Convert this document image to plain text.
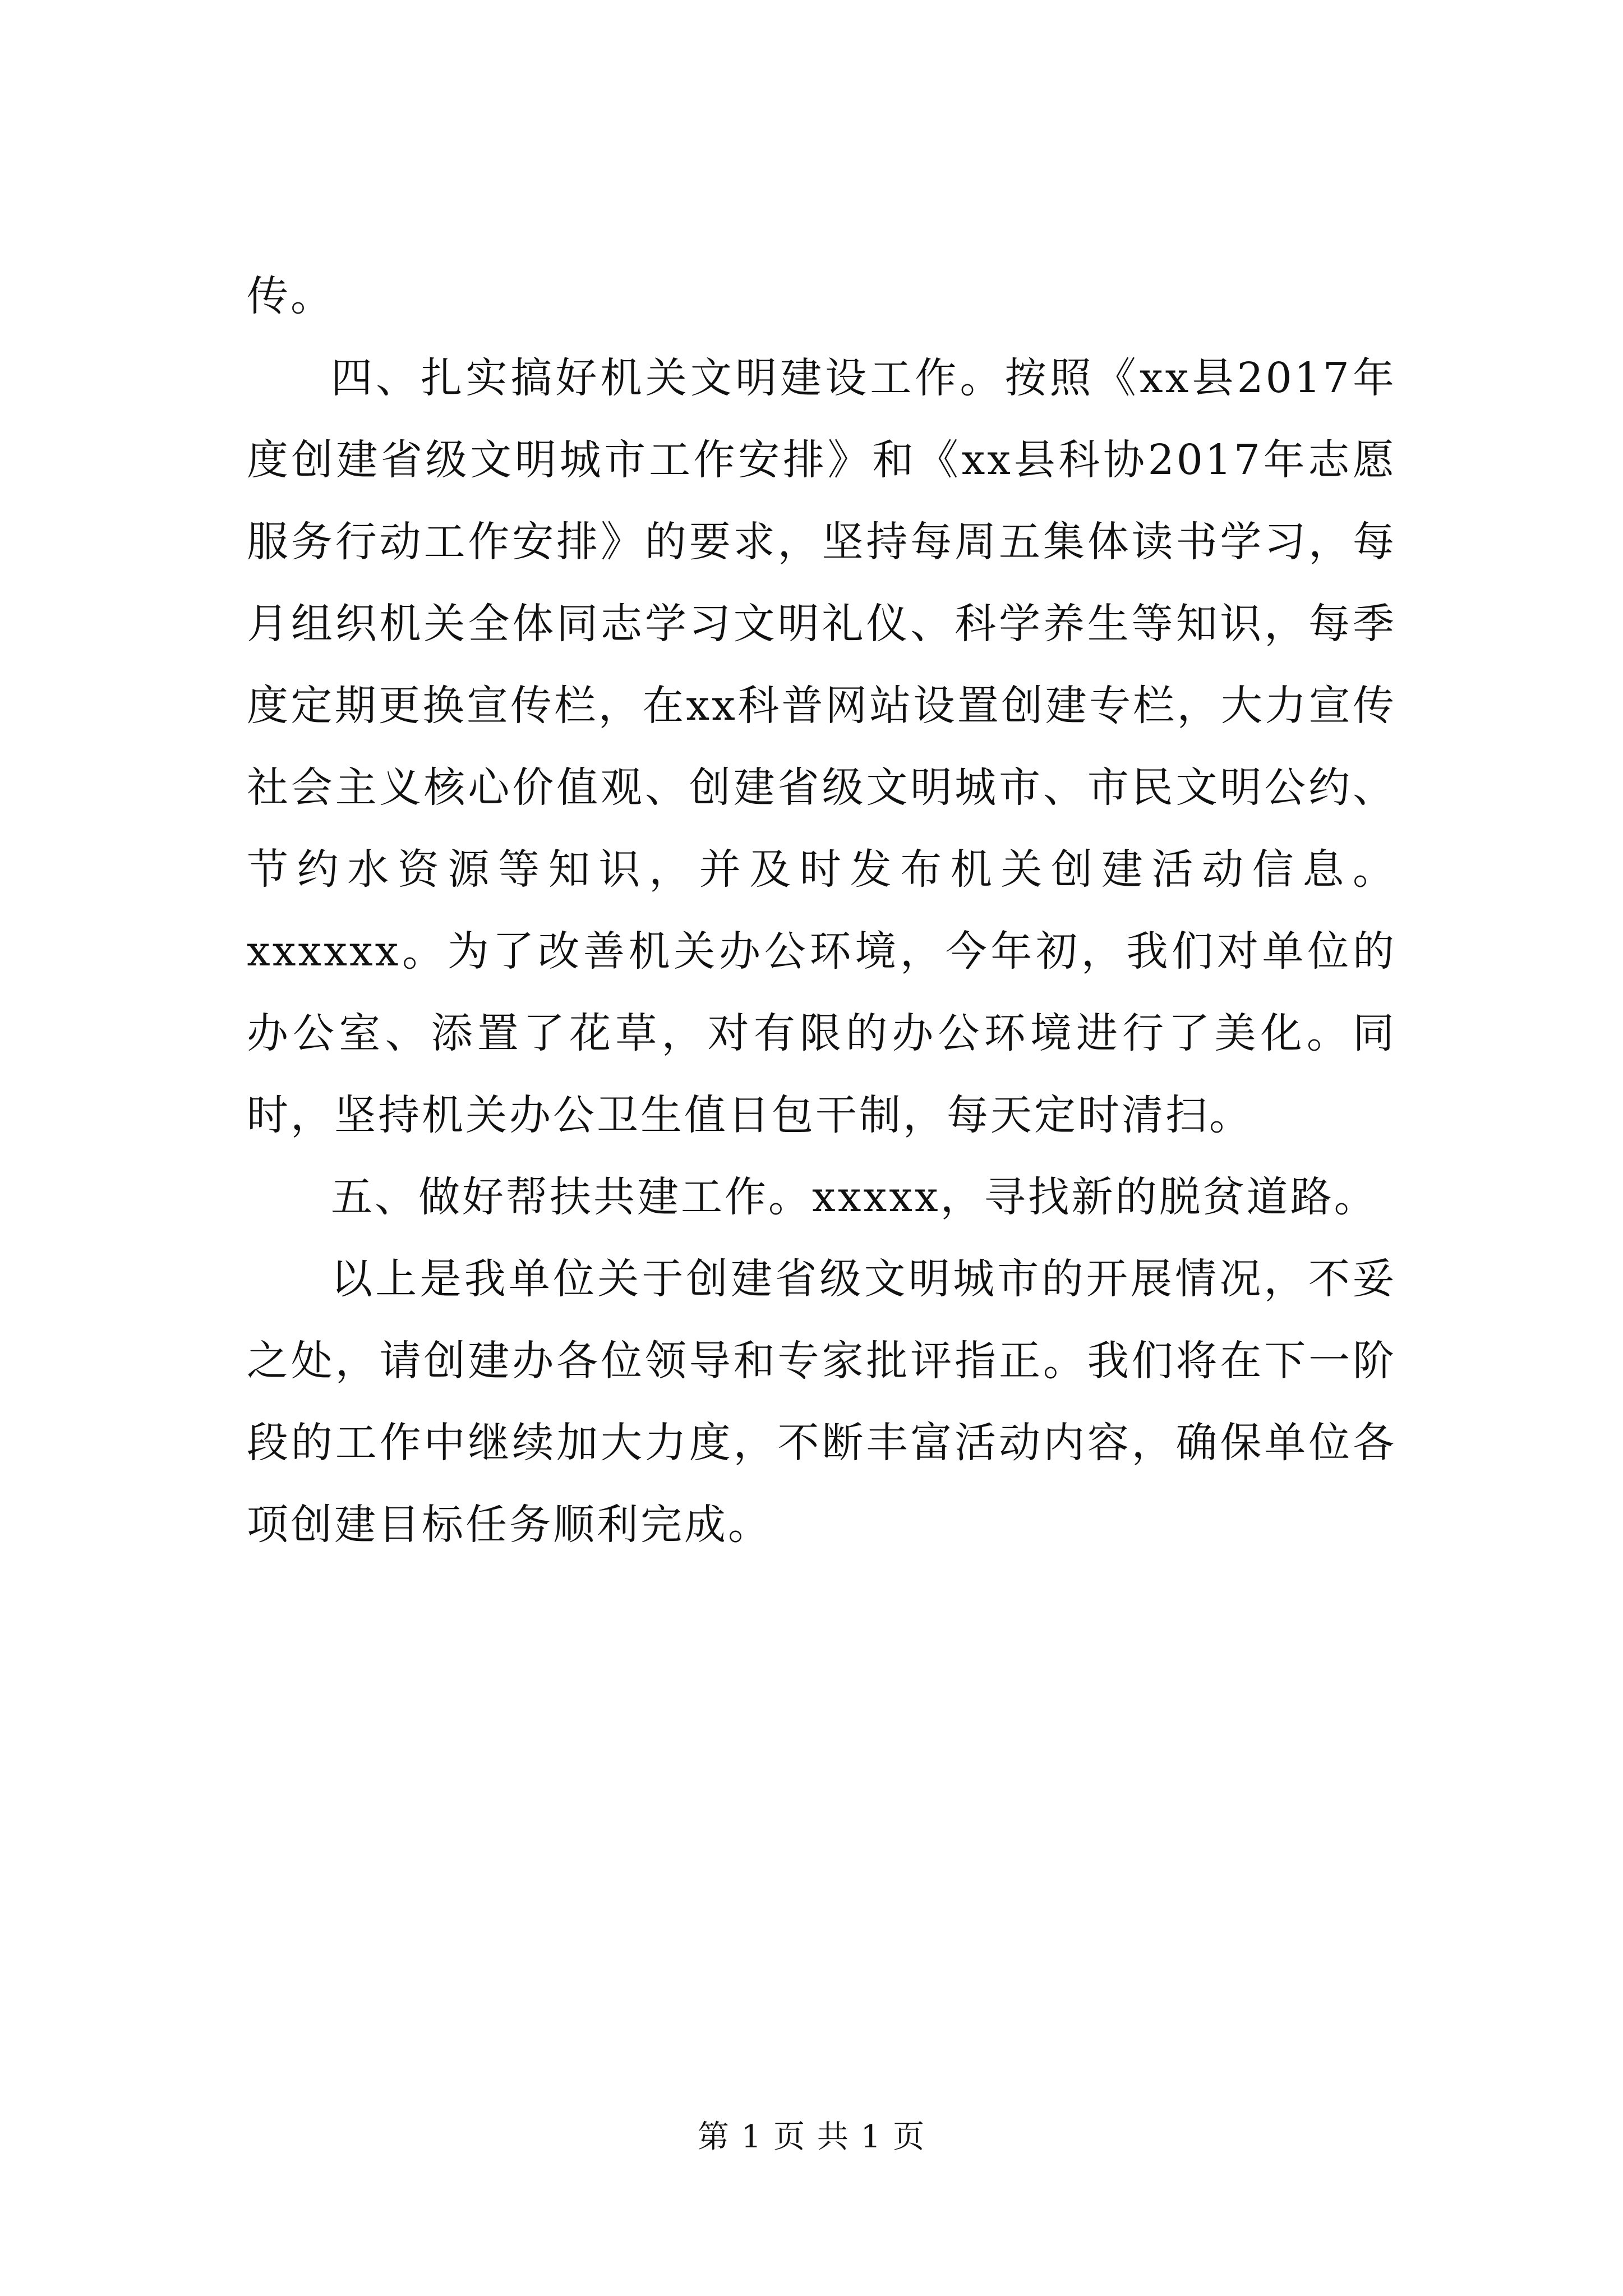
传。

四、扎实搞好机关文明建设工作。按照《xx县2017年度创建省级文明城市工作安排》和《xx县科协2017年志愿服务行动工作安排》的要求，坚持每周五集体读书学习，每月组织机关全体同志学习文明礼仪、科学养生等知识，每季度定期更换宣传栏，在xx科普网站设置创建专栏，大力宣传社会主义核心价值观、创建省级文明城市、市民文明公约、节约水资源等知识，并及时发布机关创建活动信息。xxxxxx。为了改善机关办公环境，今年初，我们对单位的办公室、添置了花草，对有限的办公环境进行了美化。同时，坚持机关办公卫生值日包干制，每天定时清扫。

五、做好帮扶共建工作。xxxxx，寻找新的脱贫道路。

以上是我单位关于创建省级文明城市的开展情况，不妥之处，请创建办各位领导和专家批评指正。我们将在下一阶段的工作中继续加大力度，不断丰富活动内容，确保单位各项创建目标任务顺利完成。

第 1 页 共 1 页
